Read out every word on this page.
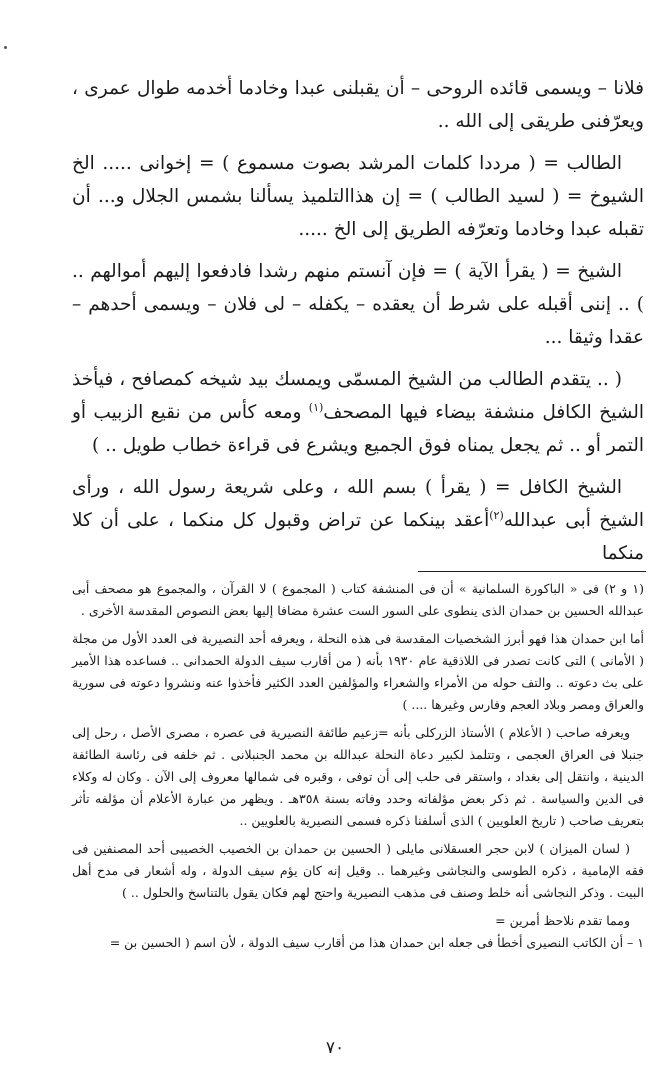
فلانا – ويسمى قائده الروحى – أن يقبلنى عبدا وخادما أخدمه طوال عمرى ، ويعرّفنى طريقى إلى الله ..

الطالب = ( مرددا كلمات المرشد بصوت مسموع ) = إخوانى ..... الخ الشيوخ = ( لسيد الطالب ) = إن هذاالتلميذ يسألنا بشمس الجلال و... أن تقبله عبدا وخادما وتعرّفه الطريق إلى الخ .....

الشيخ = ( يقرأ الآية ) = فإن آنستم منهم رشدا فادفعوا إليهم أموالهم .. ) .. إننى أقبله على شرط أن يعقده – يكفله – لى فلان – ويسمى أحدهم –عقدا وثيقا ...

( .. يتقدم الطالب من الشيخ المسمّى ويمسك بيد شيخه كمصافح ، فيأخذ الشيخ الكافل منشفة بيضاء فيها المصحف$^{(١)}$ ومعه كأس من نقيع الزبيب أو التمر أو .. ثم يجعل يمناه فوق الجميع ويشرع فى قراءة خطاب طويل .. )

الشيخ الكافل = ( يقرأ ) بسم الله ، وعلى شريعة رسول الله ، ورأى الشيخ أبى عبدالله$^{(٢)}$أعقد بينكما عن تراض وقبول كل منكما ، على أن كلا منكما

(١ و ٢) فى « الباكورة السلمانية » أن فى المنشفة كتاب ( المجموع ) لا القرآن ، والمجموع هو مصحف أبى عبدالله الحسين بن حمدان الذى ينطوى على السور الست عشرة مضافا إليها بعض النصوص المقدسة الأخرى .

أما ابن حمدان هذا فهو أبرز الشخصيات المقدسة فى هذه النحلة ، ويعرفه أحد النصيرية فى العدد الأول من مجلة ( الأمانى ) التى كانت تصدر فى اللاذقية عام ١٩٣٠ بأنه ( من أقارب سيف الدولة الحمدانى .. فساعده هذا الأمير على بث دعوته .. والتف حوله من الأمراء والشعراء والمؤلفين العدد الكثير فأخذوا عنه ونشروا دعوته فى سورية والعراق ومصر وبلاد العجم وفارس وغيرها .... )

ويعرفه صاحب ( الأعلام ) الأستاذ الزركلى بأنه =زعيم طائفة النصيرية فى عصره ، مصرى الأصل ، رحل إلى جنبلا فى العراق العجمى ، وتتلمذ لكبير دعاة النحلة عبدالله بن محمد الجنبلانى . ثم خلفه فى رئاسة الطائفة الدينية ، وانتقل إلى بغداد ، واستقر فى حلب إلى أن توفى ، وقبره فى شمالها معروف إلى الآن . وكان له وكلاء فى الدين والسياسة . ثم ذكر بعض مؤلفاته وحدد وفاته بسنة ٣٥٨هـ . ويظهر من عبارة الأعلام أن مؤلفه تأثر بتعريف صاحب ( تاريخ العلويين ) الذى أسلفنا ذكره فسمى النصيرية بالعلويين ..

( لسان الميزان ) لابن حجر العسقلانى مايلى ( الحسين بن حمدان بن الخصيب الخصيبى أحد المصنفين فى فقه الإمامية ، ذكره الطوسى والنجاشى وغيرهما .. وقيل إنه كان يؤم سيف الدولة ، وله أشعار فى مدح أهل البيت . وذكر النجاشى أنه خلط وصنف فى مذهب النصيرية واحتج لهم فكان يقول بالتناسخ والحلول .. )

ومما تقدم نلاحظ أمرين =

١ – أن الكاتب النصيرى أخطأ فى جعله ابن حمدان هذا من أقارب سيف الدولة ، لأن اسم ( الحسين بن =

٧٠
